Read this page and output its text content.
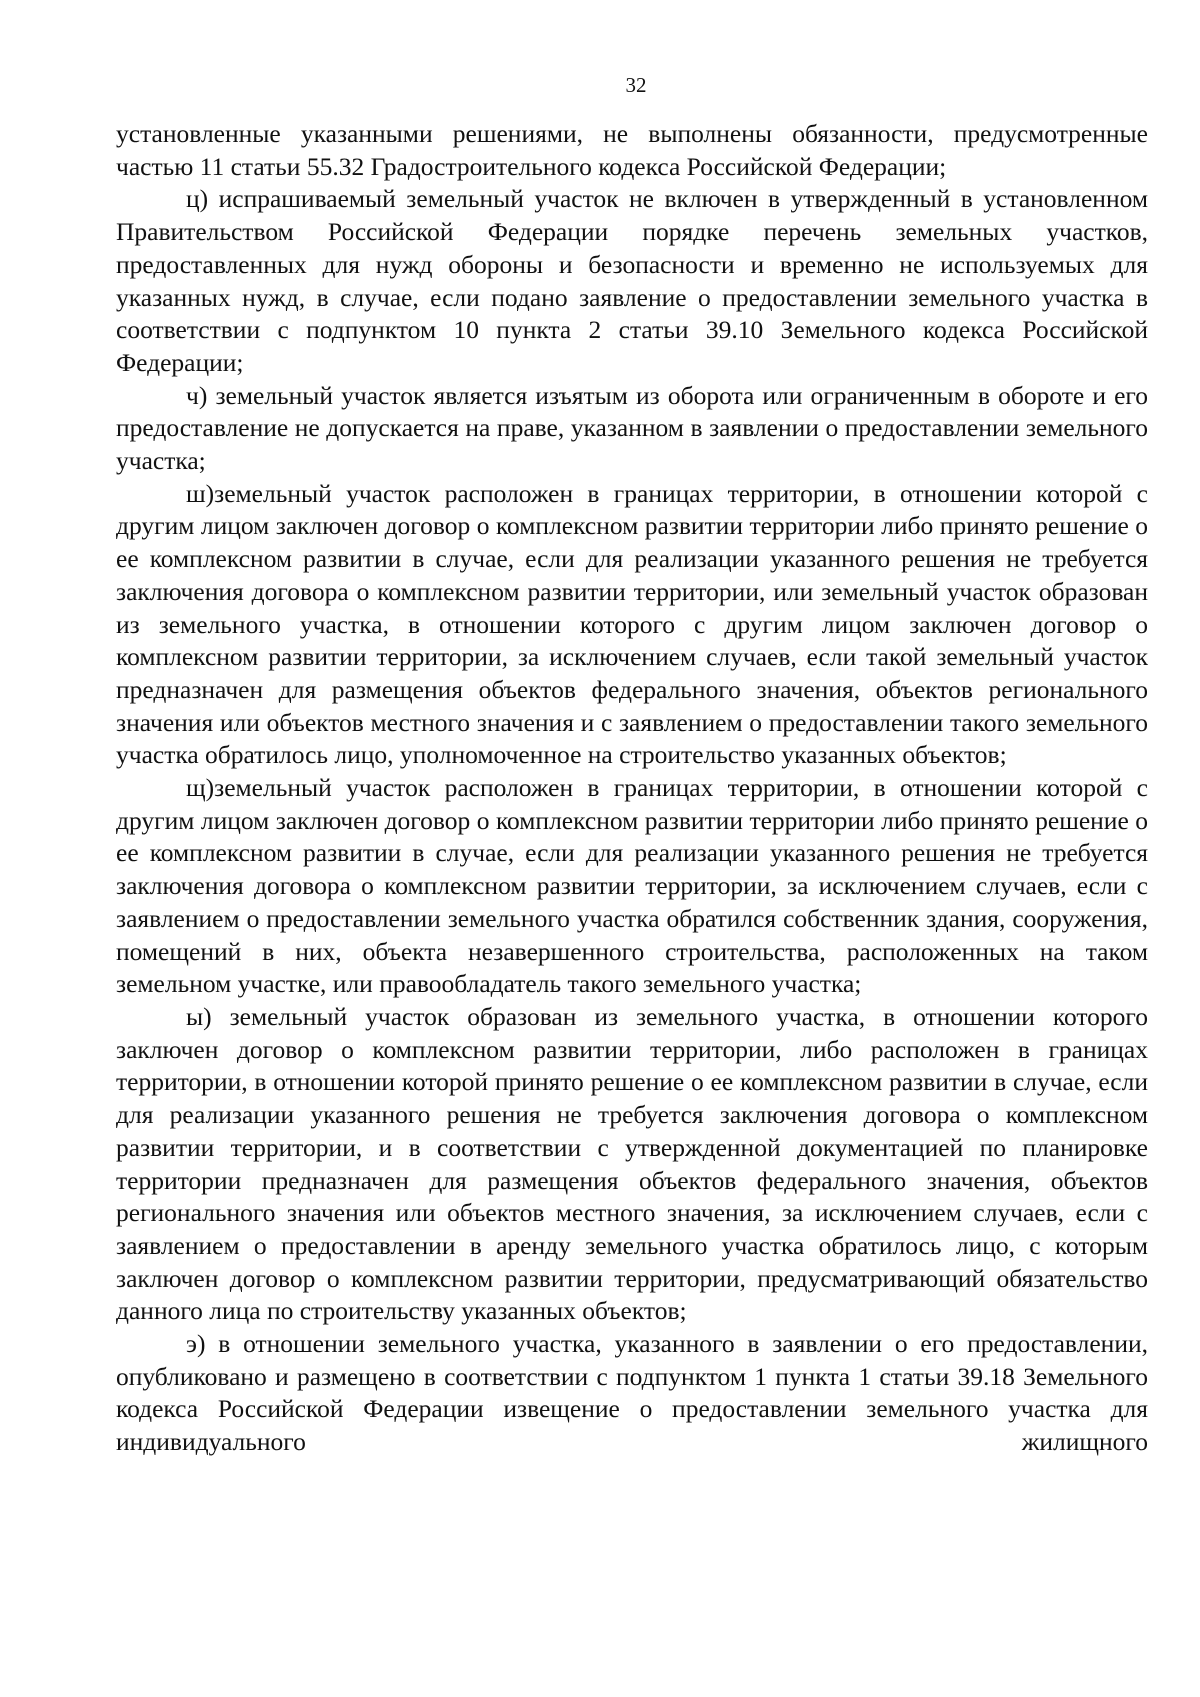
32

установленные указанными решениями, не выполнены обязанности, предусмотренные частью 11 статьи 55.32 Градостроительного кодекса Российской Федерации;

ц) испрашиваемый земельный участок не включен в утвержденный в установленном Правительством Российской Федерации порядке перечень земельных участков, предоставленных для нужд обороны и безопасности и временно не используемых для указанных нужд, в случае, если подано заявление о предоставлении земельного участка в соответствии с подпунктом 10 пункта 2 статьи 39.10 Земельного кодекса Российской Федерации;

ч) земельный участок является изъятым из оборота или ограниченным в обороте и его предоставление не допускается на праве, указанном в заявлении о предоставлении земельного участка;

ш)земельный участок расположен в границах территории, в отношении которой с другим лицом заключен договор о комплексном развитии территории либо принято решение о ее комплексном развитии в случае, если для реализации указанного решения не требуется заключения договора о комплексном развитии территории, или земельный участок образован из земельного участка, в отношении которого с другим лицом заключен договор о комплексном развитии территории, за исключением случаев, если такой земельный участок предназначен для размещения объектов федерального значения, объектов регионального значения или объектов местного значения и с заявлением о предоставлении такого земельного участка обратилось лицо, уполномоченное на строительство указанных объектов;

щ)земельный участок расположен в границах территории, в отношении которой с другим лицом заключен договор о комплексном развитии территории либо принято решение о ее комплексном развитии в случае, если для реализации указанного решения не требуется заключения договора о комплексном развитии территории, за исключением случаев, если с заявлением о предоставлении земельного участка обратился собственник здания, сооружения, помещений в них, объекта незавершенного строительства, расположенных на таком земельном участке, или правообладатель такого земельного участка;

ы) земельный участок образован из земельного участка, в отношении которого заключен договор о комплексном развитии территории, либо расположен в границах территории, в отношении которой принято решение о ее комплексном развитии в случае, если для реализации указанного решения не требуется заключения договора о комплексном развитии территории, и в соответствии с утвержденной документацией по планировке территории предназначен для размещения объектов федерального значения, объектов регионального значения или объектов местного значения, за исключением случаев, если с заявлением о предоставлении в аренду земельного участка обратилось лицо, с которым заключен договор о комплексном развитии территории, предусматривающий обязательство данного лица по строительству указанных объектов;

э) в отношении земельного участка, указанного в заявлении о его предоставлении, опубликовано и размещено в соответствии с подпунктом 1 пункта 1 статьи 39.18 Земельного кодекса Российской Федерации извещение о предоставлении земельного участка для индивидуального жилищного
